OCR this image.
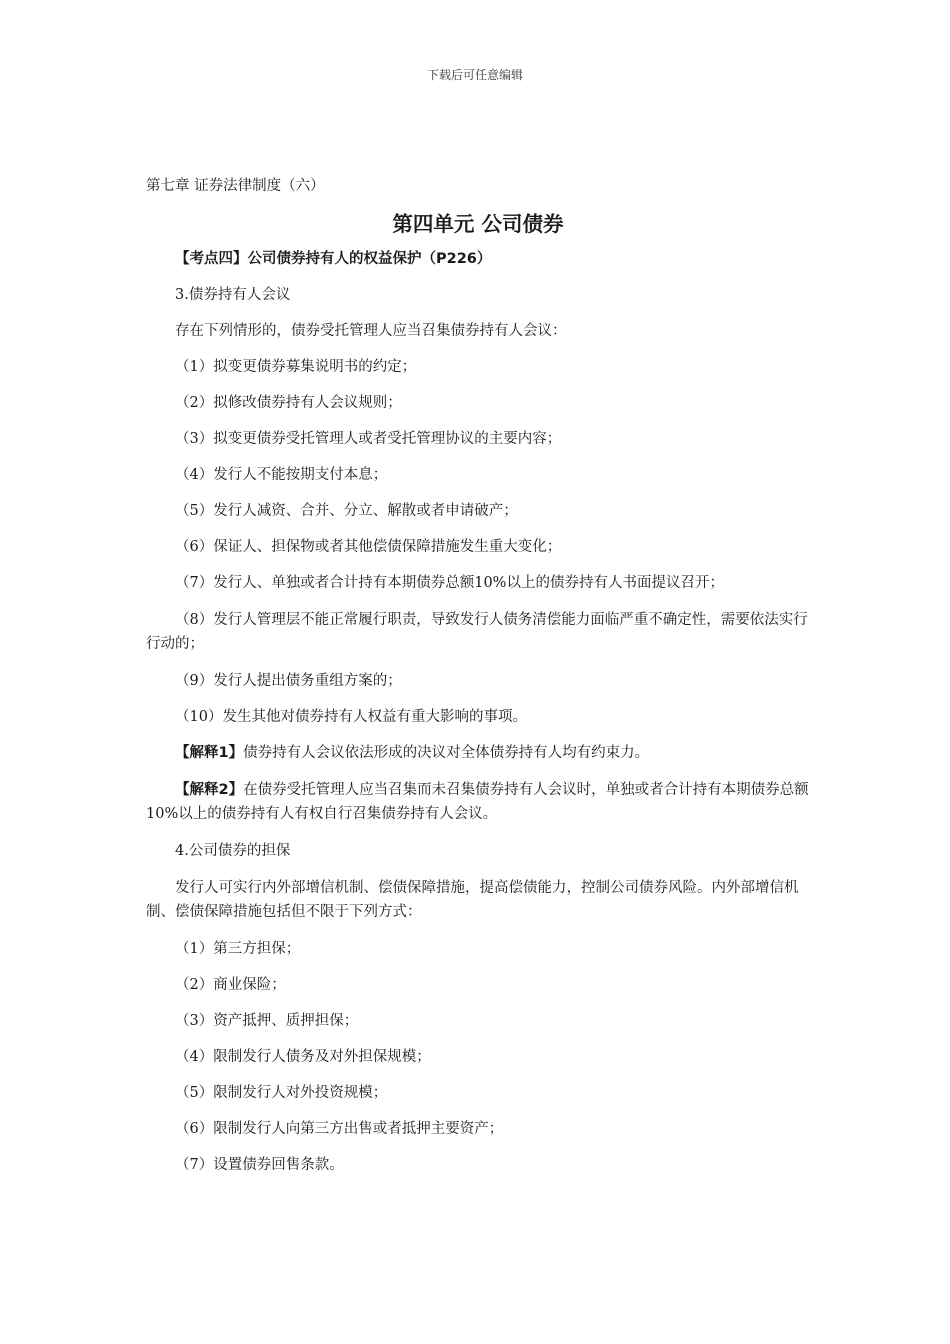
下载后可任意编辑

第七章 证券法律制度（六）

第四单元 公司债券

【考点四】公司债券持有人的权益保护（P226）

3.债券持有人会议

存在下列情形的，债券受托管理人应当召集债券持有人会议：

（1）拟变更债券募集说明书的约定；

（2）拟修改债券持有人会议规则；

（3）拟变更债券受托管理人或者受托管理协议的主要内容；

（4）发行人不能按期支付本息；

（5）发行人减资、合并、分立、解散或者申请破产；

（6）保证人、担保物或者其他偿债保障措施发生重大变化；

（7）发行人、单独或者合计持有本期债券总额10%以上的债券持有人书面提议召开；

（8）发行人管理层不能正常履行职责，导致发行人债务清偿能力面临严重不确定性，需要依法实行行动的；

（9）发行人提出债务重组方案的；

（10）发生其他对债券持有人权益有重大影响的事项。

【解释1】债券持有人会议依法形成的决议对全体债券持有人均有约束力。

【解释2】在债券受托管理人应当召集而未召集债券持有人会议时，单独或者合计持有本期债券总额10%以上的债券持有人有权自行召集债券持有人会议。

4.公司债券的担保

发行人可实行内外部增信机制、偿债保障措施，提高偿债能力，控制公司债券风险。内外部增信机制、偿债保障措施包括但不限于下列方式：

（1）第三方担保；

（2）商业保险；

（3）资产抵押、质押担保；

（4）限制发行人债务及对外担保规模；

（5）限制发行人对外投资规模；

（6）限制发行人向第三方出售或者抵押主要资产；

（7）设置债券回售条款。
